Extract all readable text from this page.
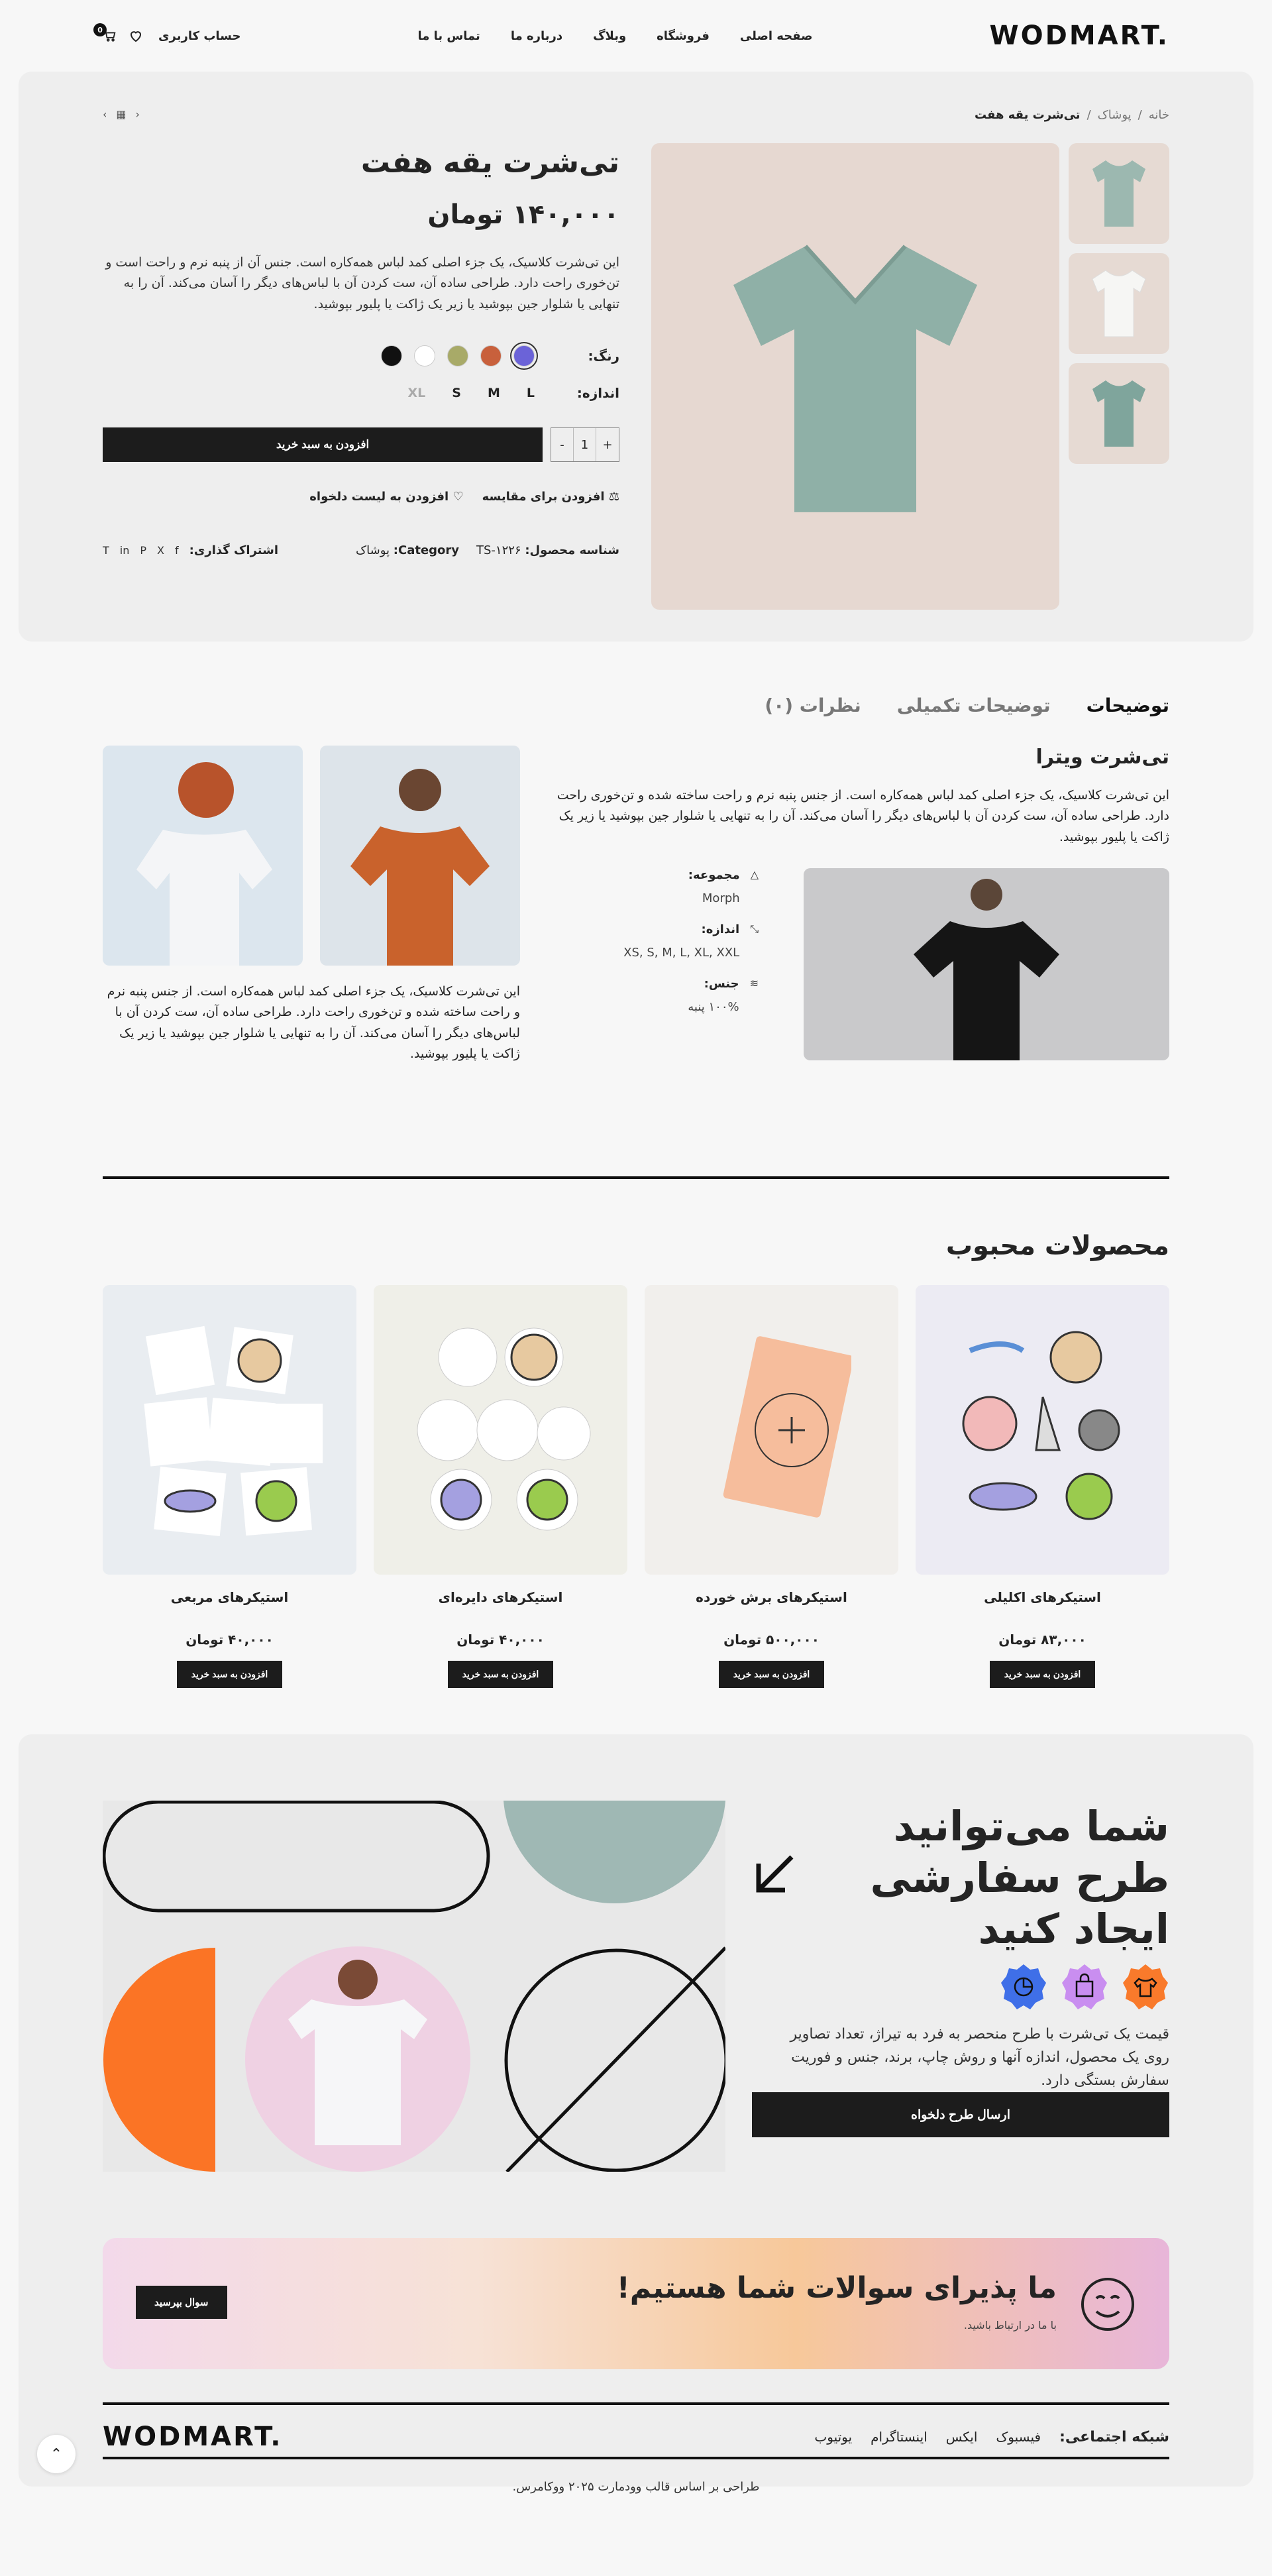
WODMART.
صفحه اصلی
فروشگاه
وبلاگ
درباره ما
تماس با ما
حساب کاربری
0
خانه
/
پوشاک
/
تی‌شرت یقه هفت
‹ ▦ ›
تی‌شرت یقه هفت
۱۴۰,۰۰۰ تومان

این تی‌شرت کلاسیک، یک جزء اصلی کمد لباس همه‌کاره است. جنس آن از پنبه نرم و راحت است و تن‌خوری راحت دارد. طراحی ساده آن، ست کردن آن با لباس‌های دیگر را آسان می‌کند. آن را به تنهایی یا شلوار جین بپوشید یا زیر یک ژاکت یا پلیور بپوشید.

رنگ:
اندازه:
L
M
S
XL
-	1	+
افزودن به سبد خرید
⚖ افزودن برای مقایسه
♡ افزودن به لیست دلخواه
شناسه محصول: TS-۱۲۲۶
Category: پوشاک
اشتراک گذاری:
f
X
P
in
T
توضیحات
توضیحات تکمیلی
نظرات (۰)
تی‌شرت ویترا

این تی‌شرت کلاسیک، یک جزء اصلی کمد لباس همه‌کاره است. از جنس پنبه نرم و راحت ساخته شده و تن‌خوری راحت دارد. طراحی ساده آن، ست کردن آن با لباس‌های دیگر را آسان می‌کند. آن را به تنهایی یا شلوار جین بپوشید یا زیر یک ژاکت یا پلیور بپوشید.

△
مجموعه:
Morph
⤡
اندازه:
XS, S, M, L, XL, XXL
≋
جنس:
۱۰۰% پنبه

این تی‌شرت کلاسیک، یک جزء اصلی کمد لباس همه‌کاره است. از جنس پنبه نرم و راحت ساخته شده و تن‌خوری راحت دارد. طراحی ساده آن، ست کردن آن با لباس‌های دیگر را آسان می‌کند. آن را به تنهایی یا شلوار جین بپوشید یا زیر یک ژاکت یا پلیور بپوشید.

محصولات محبوب
استیکرهای اکلیلی
۸۳,۰۰۰ تومان
افزودن به سبد خرید
استیکرهای برش خورده
۵۰۰,۰۰۰ تومان
افزودن به سبد خرید
استیکرهای دایره‌ای
۴۰,۰۰۰ تومان
افزودن به سبد خرید
استیکرهای مربعی
۴۰,۰۰۰ تومان
افزودن به سبد خرید
شما می‌توانید طرح سفارشی ایجاد کنید

قیمت یک تی‌شرت با طرح منحصر به فرد به تیراژ، تعداد تصاویر روی یک محصول، اندازه آنها و روش چاپ، برند، جنس و فوریت سفارش بستگی دارد.

ارسال طرح دلخواه
ما پذیرای سوالات شما هستیم!

با ما در ارتباط باشید.

سوال بپرسید
شبکه اجتماعی:
فیسبوک
ایکس
اینستاگرام
یوتیوب
WODMART.
طراحی بر اساس قالب وودمارت ۲۰۲۵ ووکامرس.
⌃
